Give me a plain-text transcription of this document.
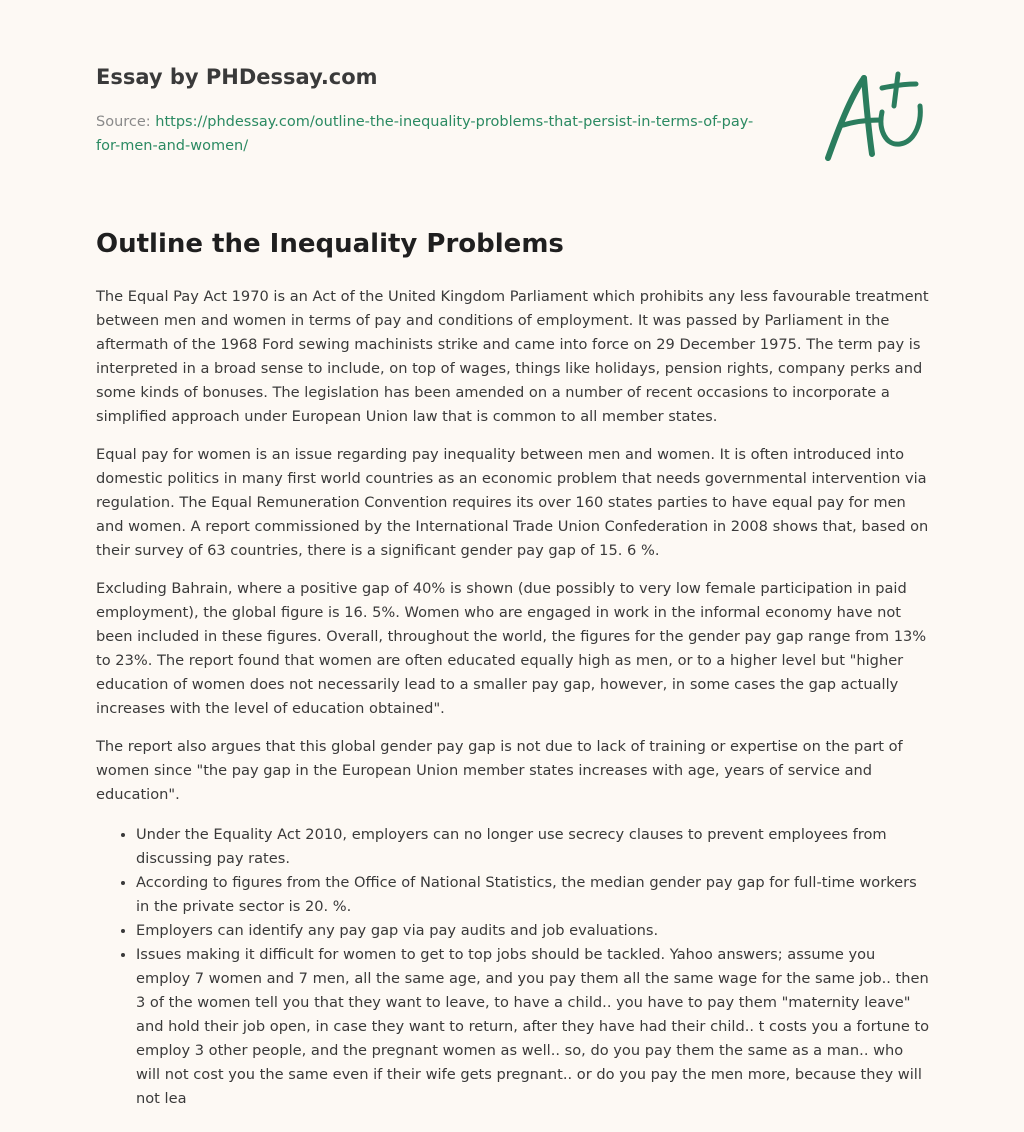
Essay by PHDessay.com
Source: https://phdessay.com/outline-the-inequality-problems-that-persist-in-terms-of-pay-for-men-and-women/
Outline the Inequality Problems

The Equal Pay Act 1970 is an Act of the United Kingdom Parliament which prohibits any less favourable treatment between men and women in terms of pay and conditions of employment. It was passed by Parliament in the aftermath of the 1968 Ford sewing machinists strike and came into force on 29 December 1975. The term pay is interpreted in a broad sense to include, on top of wages, things like holidays, pension rights, company perks and some kinds of bonuses. The legislation has been amended on a number of recent occasions to incorporate a simplified approach under European Union law that is common to all member states.

Equal pay for women is an issue regarding pay inequality between men and women. It is often introduced into domestic politics in many first world countries as an economic problem that needs governmental intervention via regulation. The Equal Remuneration Convention requires its over 160 states parties to have equal pay for men and women. A report commissioned by the International Trade Union Confederation in 2008 shows that, based on their survey of 63 countries, there is a significant gender pay gap of 15. 6 %.

Excluding Bahrain, where a positive gap of 40% is shown (due possibly to very low female participation in paid employment), the global figure is 16. 5%. Women who are engaged in work in the informal economy have not been included in these figures. Overall, throughout the world, the figures for the gender pay gap range from 13% to 23%. The report found that women are often educated equally high as men, or to a higher level but "higher education of women does not necessarily lead to a smaller pay gap, however, in some cases the gap actually increases with the level of education obtained".

The report also argues that this global gender pay gap is not due to lack of training or expertise on the part of women since "the pay gap in the European Union member states increases with age, years of service and education".

• Under the Equality Act 2010, employers can no longer use secrecy clauses to prevent employees from discussing pay rates.
• According to figures from the Office of National Statistics, the median gender pay gap for full-time workers in the private sector is 20. %.
• Employers can identify any pay gap via pay audits and job evaluations.
• Issues making it difficult for women to get to top jobs should be tackled. Yahoo answers; assume you employ 7 women and 7 men, all the same age, and you pay them all the same wage for the same job.. then 3 of the women tell you that they want to leave, to have a child.. you have to pay them "maternity leave" and hold their job open, in case they want to return, after they have had their child.. t costs you a fortune to employ 3 other people, and the pregnant women as well.. so, do you pay them the same as a man.. who will not cost you the same even if their wife gets pregnant.. or do you pay the men more, because they will not lea
